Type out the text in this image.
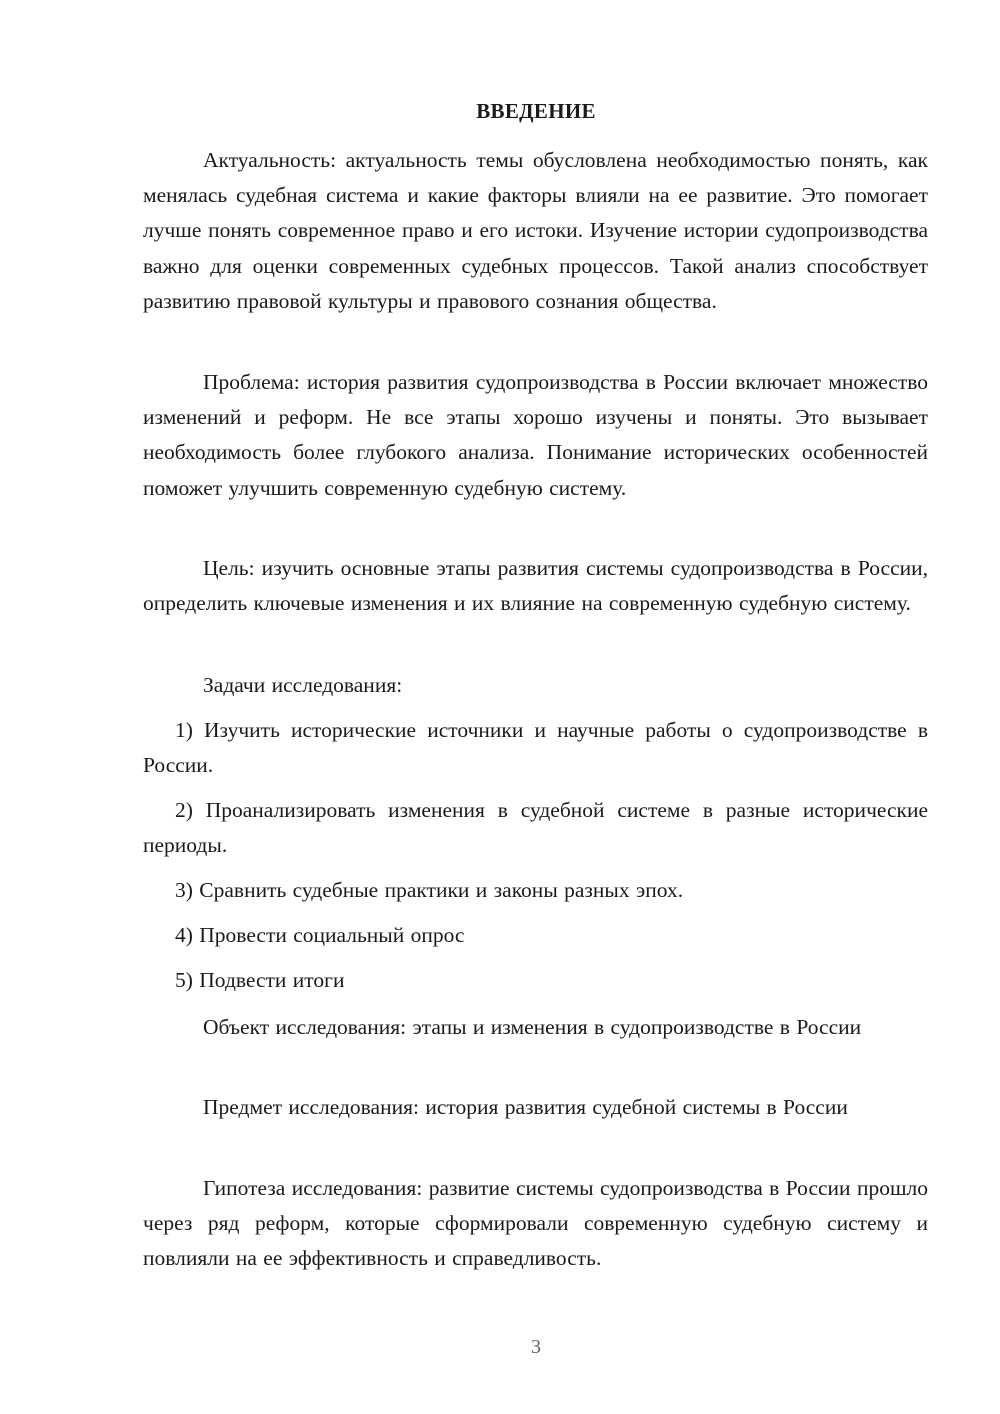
ВВЕДЕНИЕ

Актуальность: актуальность темы обусловлена необходимостью понять, как менялась судебная система и какие факторы влияли на ее развитие. Это помогает лучше понять современное право и его истоки. Изучение истории судопроизводства важно для оценки современных судебных процессов. Такой анализ способствует развитию правовой культуры и правового сознания общества.

Проблема: история развития судопроизводства в России включает множество изменений и реформ. Не все этапы хорошо изучены и поняты. Это вызывает необходимость более глубокого анализа. Понимание исторических особенностей поможет улучшить современную судебную систему.

Цель: изучить основные этапы развития системы судопроизводства в России, определить ключевые изменения и их влияние на современную судебную систему.

Задачи исследования:

1) Изучить исторические источники и научные работы о судопроизводстве в России.

2) Проанализировать изменения в судебной системе в разные исторические периоды.

3) Сравнить судебные практики и законы разных эпох.

4) Провести социальный опрос

5) Подвести итоги

Объект исследования: этапы и изменения в судопроизводстве в России

Предмет исследования: история развития судебной системы в России

Гипотеза исследования: развитие системы судопроизводства в России прошло через ряд реформ, которые сформировали современную судебную систему и повлияли на ее эффективность и справедливость.

3
